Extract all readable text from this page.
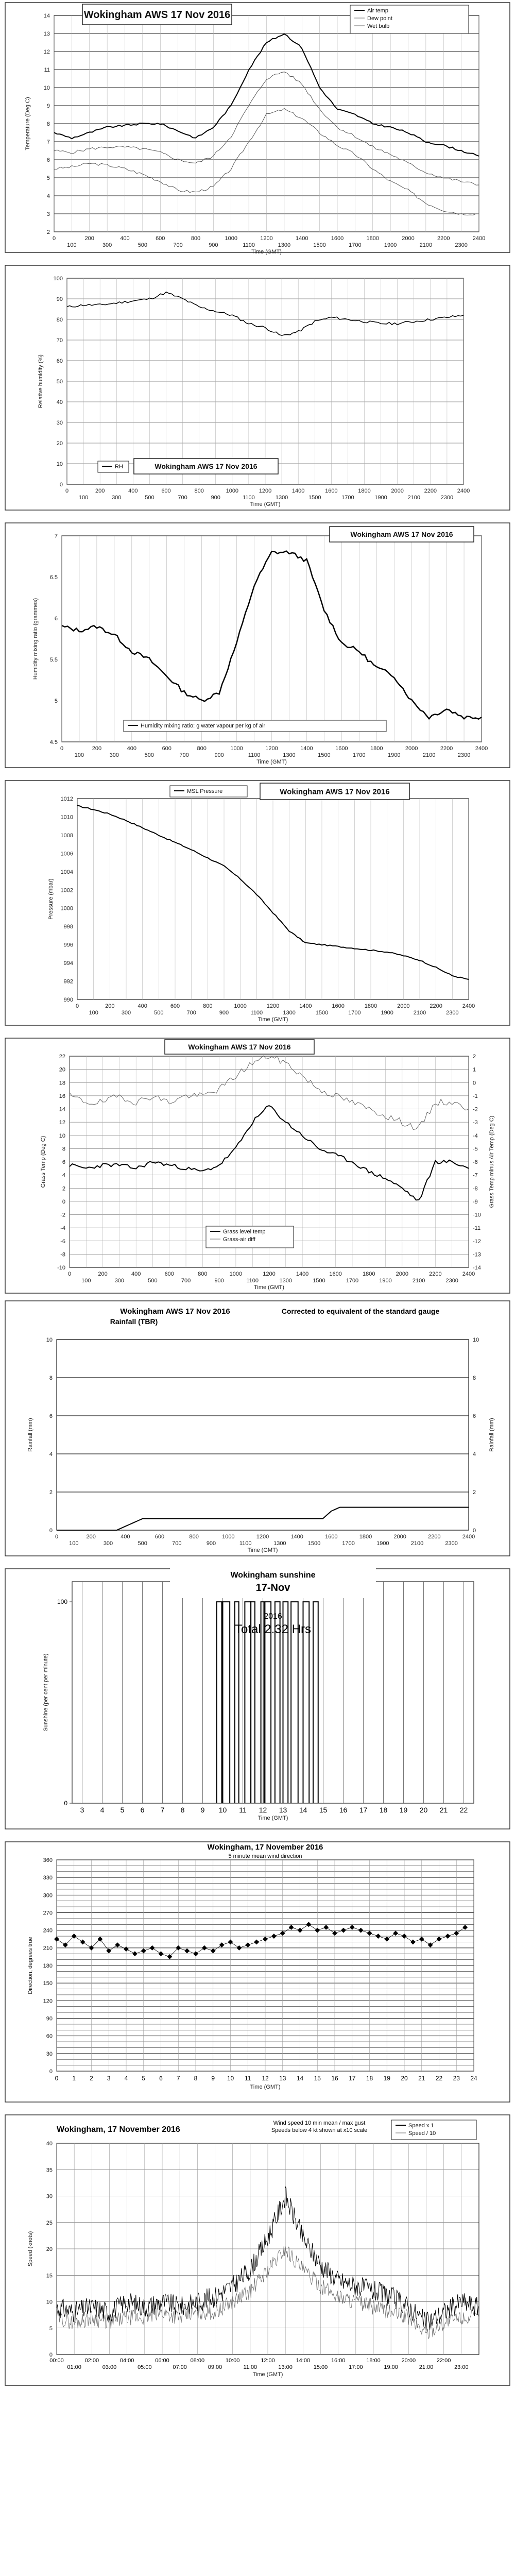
2
3
4
5
6
7
8
9
10
11
12
13
14
0	200	400	600	800	1000	1200	1400	1600	1800	2000	2200	2400
100	300	500	700	900	1100	1300	1500	1700	1900	2100	2300
Temperature (Deg C)
Time (GMT)
Wokingham AWS 17 Nov 2016	Air temp
Dew point
Wet bulb
0
10
20
30
40
50
60
70
80
90
100
0	200	400	600	800	1000	1200	1400	1600	1800	2000	2200	2400
100	300	500	700	900	1100	1300	1500	1700	1900	2100	2300
Relative humidity (%)
Time (GMT)
RH	Wokingham AWS 17 Nov 2016
4.5
5
5.5
6
6.5
7
0	200	400	600	800	1000	1200	1400	1600	1800	2000	2200	2400
100	300	500	700	900	1100	1300	1500	1700	1900	2100	2300
Humidity mixing ratio (grammes)
Time (GMT)
Wokingham AWS 17 Nov 2016
Humidity mixing ratio: g water vapour per kg of air
990
992
994
996
998
1000
1002
1004
1006
1008
1010
1012
0	200	400	600	800	1000	1200	1400	1600	1800	2000	2200	2400
100	300	500	700	900	1100	1300	1500	1700	1900	2100	2300
Pressure (mbar)
Time (GMT)
MSL Pressure	Wokingham AWS 17 Nov 2016
-10
-8
-6
-4
-2
0
2
4
6
8
10
12
14
16
18
20
22
-14
-13
-12
-11
-10
-9
-8
-7
-6
-5
-4
-3
-2
-1
0
1
2
0	200	400	600	800	1000	1200	1400	1600	1800	2000	2200	2400
100	300	500	700	900	1100	1300	1500	1700	1900	2100	2300
Grass Temp (Deg C)	Grass Temp minus Air Temp (Deg C)
Time (GMT)
Wokingham AWS 17 Nov 2016
Grass level temp
Grass-air diff
0
2
4
6
8
10
0
2
4
6
8
10
0	200	400	600	800	1000	1200	1400	1600	1800	2000	2200	2400
100	300	500	700	900	1100	1300	1500	1700	1900	2100	2300
Rainfall (mm)	Rainfall (mm)
Time (GMT)
Wokingham AWS 17 Nov 2016
Rainfall (TBR)
Corrected to equivalent of the standard gauge
0
100
3 4 5 6 7 8 9 10 11 12 13 14 15 16 17 18 19 20 21 22
Sunshine (per cent per minute)
Time (GMT)
Wokingham sunshine
17-Nov
2016
Total 2.32 Hrs
0
30
60
90
120
150
180
210
240
270
300
330
360
0 1 2 3 4 5 6 7 8 9 10 11 12 13 14 15 16 17 18 19 20 21 22 23 24
Direction, degrees true
Time (GMT)
Wokingham, 17 November 2016
5 minute mean wind direction
0
5
10
15
20
25
30
35
40
00:00	02:00	04:00	06:00	08:00	10:00	12:00	14:00	16:00	18:00	20:00	22:00
01:00	03:00	05:00	07:00	09:00	11:00	13:00	15:00	17:00	19:00	21:00	23:00
Speed (knots)
Time (GMT)
Wokingham, 17 November 2016
Wind speed 10 min mean / max gust
Speeds below 4 kt shown at x10 scale
Speed x 1
Speed / 10
